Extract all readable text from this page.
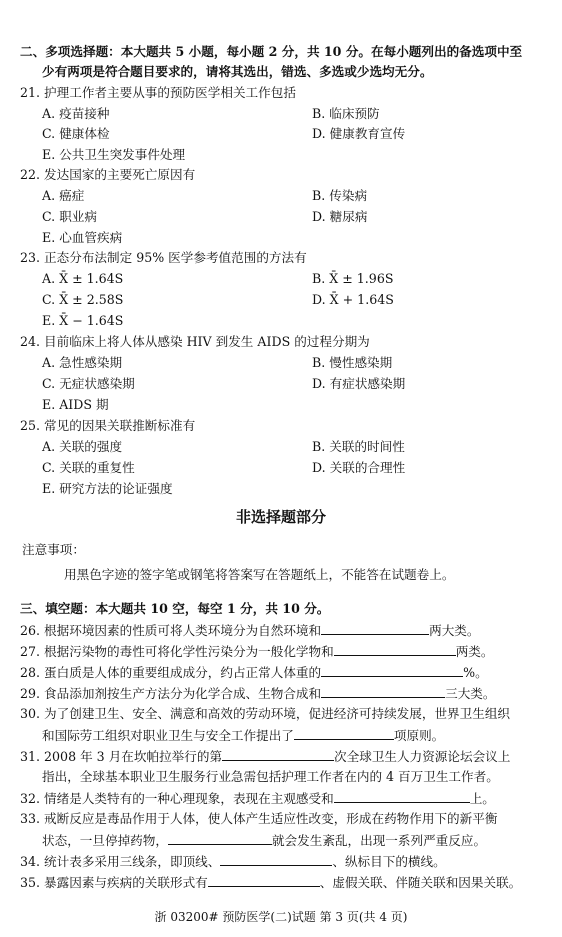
二、多项选择题：本大题共 5 小题，每小题 2 分，共 10 分。在每小题列出的备选项中至
少有两项是符合题目要求的，请将其选出，错选、多选或少选均无分。
21. 护理工作者主要从事的预防医学相关工作包括
A. 疫苗接种	B. 临床预防
C. 健康体检	D. 健康教育宣传
E. 公共卫生突发事件处理
22. 发达国家的主要死亡原因有
A. 癌症	B. 传染病
C. 职业病	D. 糖尿病
E. 心血管疾病
23. 正态分布法制定 95% 医学参考值范围的方法有
A. X̄ ± 1.64S	B. X̄ ± 1.96S
C. X̄ ± 2.58S	D. X̄ + 1.64S
E. X̄ − 1.64S
24. 目前临床上将人体从感染 HIV 到发生 AIDS 的过程分期为
A. 急性感染期	B. 慢性感染期
C. 无症状感染期	D. 有症状感染期
E. AIDS 期
25. 常见的因果关联推断标准有
A. 关联的强度	B. 关联的时间性
C. 关联的重复性	D. 关联的合理性
E. 研究方法的论证强度
非选择题部分
注意事项：
用黑色字迹的签字笔或钢笔将答案写在答题纸上，不能答在试题卷上。
三、填空题：本大题共 10 空，每空 1 分，共 10 分。
26. 根据环境因素的性质可将人类环境分为自然环境和	两大类。
27. 根据污染物的毒性可将化学性污染分为一般化学物和	两类。
28. 蛋白质是人体的重要组成成分，约占正常人体重的	%。
29. 食品添加剂按生产方法分为化学合成、生物合成和	三大类。
30. 为了创建卫生、安全、满意和高效的劳动环境，促进经济可持续发展，世界卫生组织
和国际劳工组织对职业卫生与安全工作提出了	项原则。
31. 2008 年 3 月在坎帕拉举行的第	次全球卫生人力资源论坛会议上
指出，全球基本职业卫生服务行业急需包括护理工作者在内的 4 百万卫生工作者。
32. 情绪是人类特有的一种心理现象，表现在主观感受和	上。
33. 戒断反应是毒品作用于人体，使人体产生适应性改变，形成在药物作用下的新平衡
状态，一旦停掉药物，	就会发生紊乱，出现一系列严重反应。
34. 统计表多采用三线条，即顶线、	、纵标目下的横线。
35. 暴露因素与疾病的关联形式有	、虚假关联、伴随关联和因果关联。
浙 03200# 预防医学(二)试题 第 3 页(共 4 页)
